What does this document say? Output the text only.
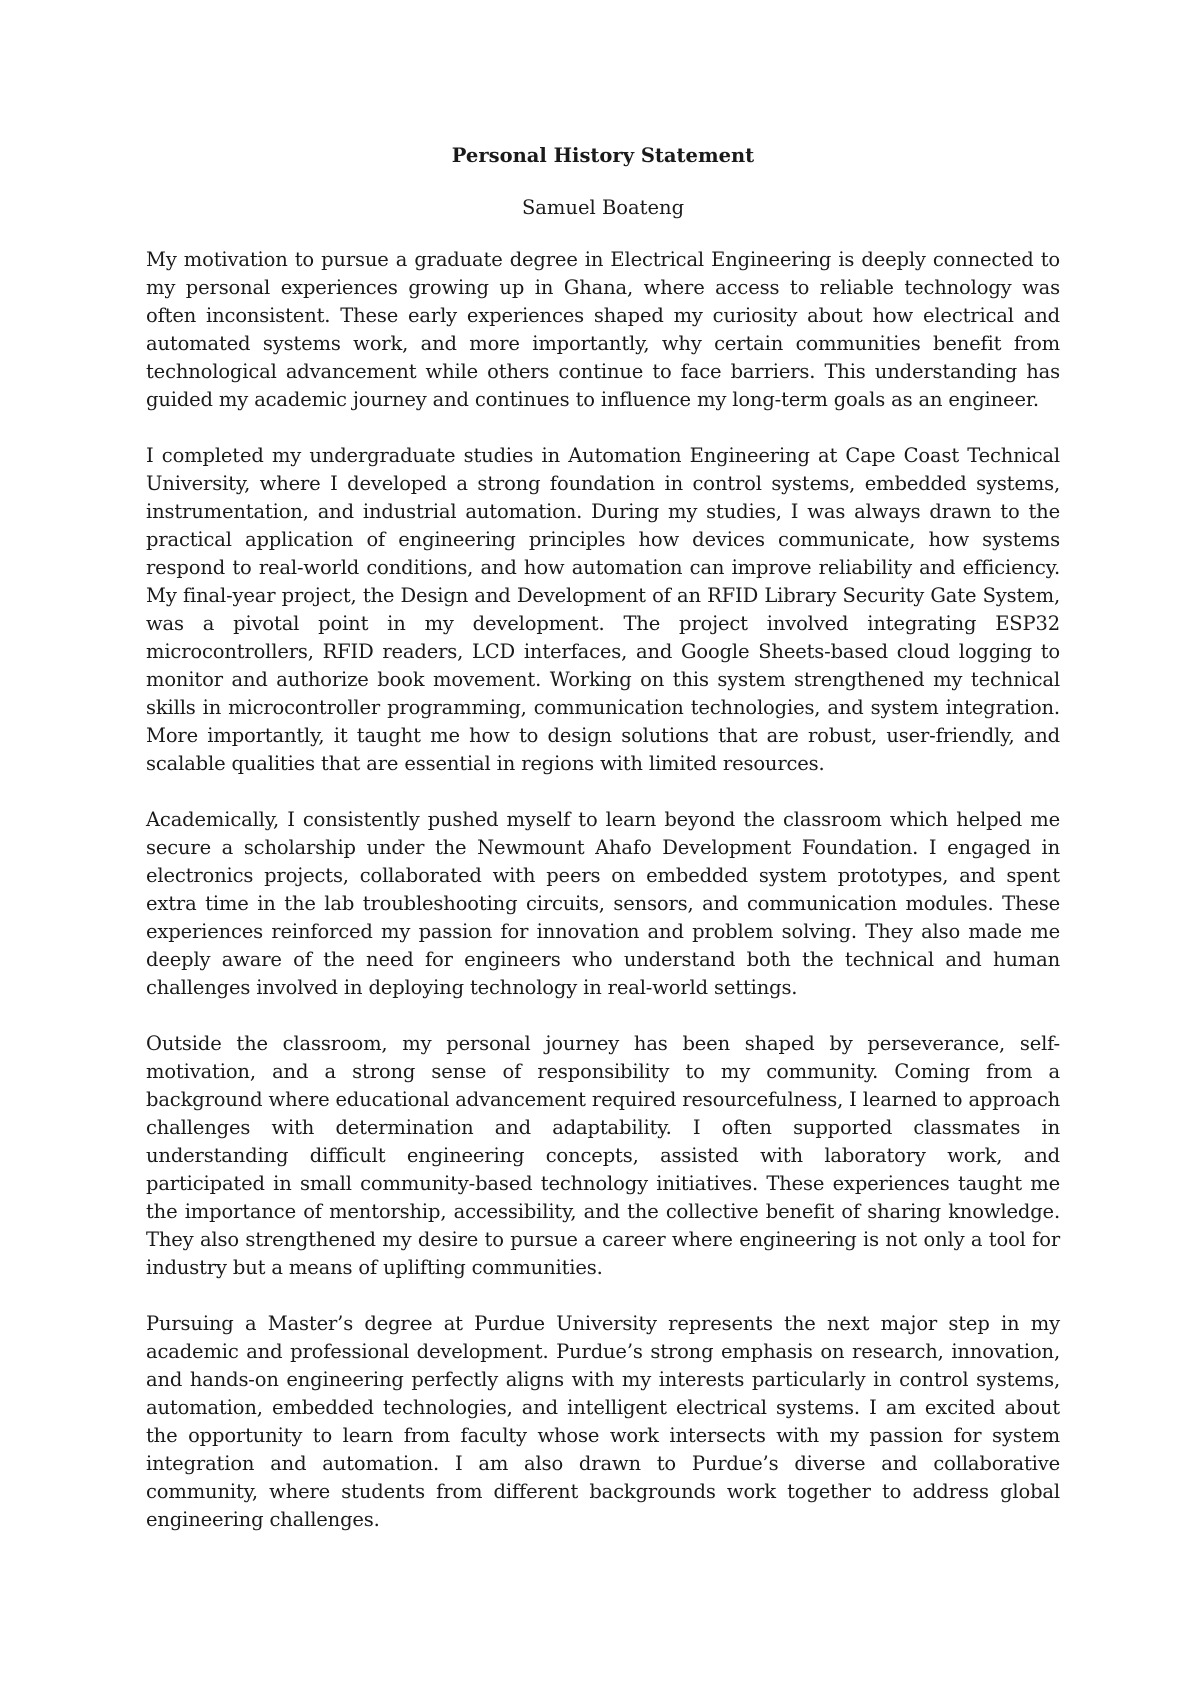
Personal History Statement
Samuel Boateng

My motivation to pursue a graduate degree in Electrical Engineering is deeply connected to my personal experiences growing up in Ghana, where access to reliable technology was often inconsistent. These early experiences shaped my curiosity about how electrical and automated systems work, and more importantly, why certain communities benefit from technological advancement while others continue to face barriers. This understanding has guided my academic journey and continues to influence my long-term goals as an engineer.

I completed my undergraduate studies in Automation Engineering at Cape Coast Technical University, where I developed a strong foundation in control systems, embedded systems, instrumentation, and industrial automation. During my studies, I was always drawn to the practical application of engineering principles how devices communicate, how systems respond to real-world conditions, and how automation can improve reliability and efficiency. My final-year project, the Design and Development of an RFID Library Security Gate System, was a pivotal point in my development. The project involved integrating ESP32 microcontrollers, RFID readers, LCD interfaces, and Google Sheets-based cloud logging to monitor and authorize book movement. Working on this system strengthened my technical skills in microcontroller programming, communication technologies, and system integration. More importantly, it taught me how to design solutions that are robust, user-friendly, and scalable qualities that are essential in regions with limited resources.

Academically, I consistently pushed myself to learn beyond the classroom which helped me secure a scholarship under the Newmount Ahafo Development Foundation. I engaged in electronics projects, collaborated with peers on embedded system prototypes, and spent extra time in the lab troubleshooting circuits, sensors, and communication modules. These experiences reinforced my passion for innovation and problem solving. They also made me deeply aware of the need for engineers who understand both the technical and human challenges involved in deploying technology in real-world settings.

Outside the classroom, my personal journey has been shaped by perseverance, self-motivation, and a strong sense of responsibility to my community. Coming from a background where educational advancement required resourcefulness, I learned to approach challenges with determination and adaptability. I often supported classmates in understanding difficult engineering concepts, assisted with laboratory work, and participated in small community-based technology initiatives. These experiences taught me the importance of mentorship, accessibility, and the collective benefit of sharing knowledge. They also strengthened my desire to pursue a career where engineering is not only a tool for industry but a means of uplifting communities.

Pursuing a Master’s degree at Purdue University represents the next major step in my academic and professional development. Purdue’s strong emphasis on research, innovation, and hands-on engineering perfectly aligns with my interests particularly in control systems, automation, embedded technologies, and intelligent electrical systems. I am excited about the opportunity to learn from faculty whose work intersects with my passion for system integration and automation. I am also drawn to Purdue’s diverse and collaborative community, where students from different backgrounds work together to address global engineering challenges.
